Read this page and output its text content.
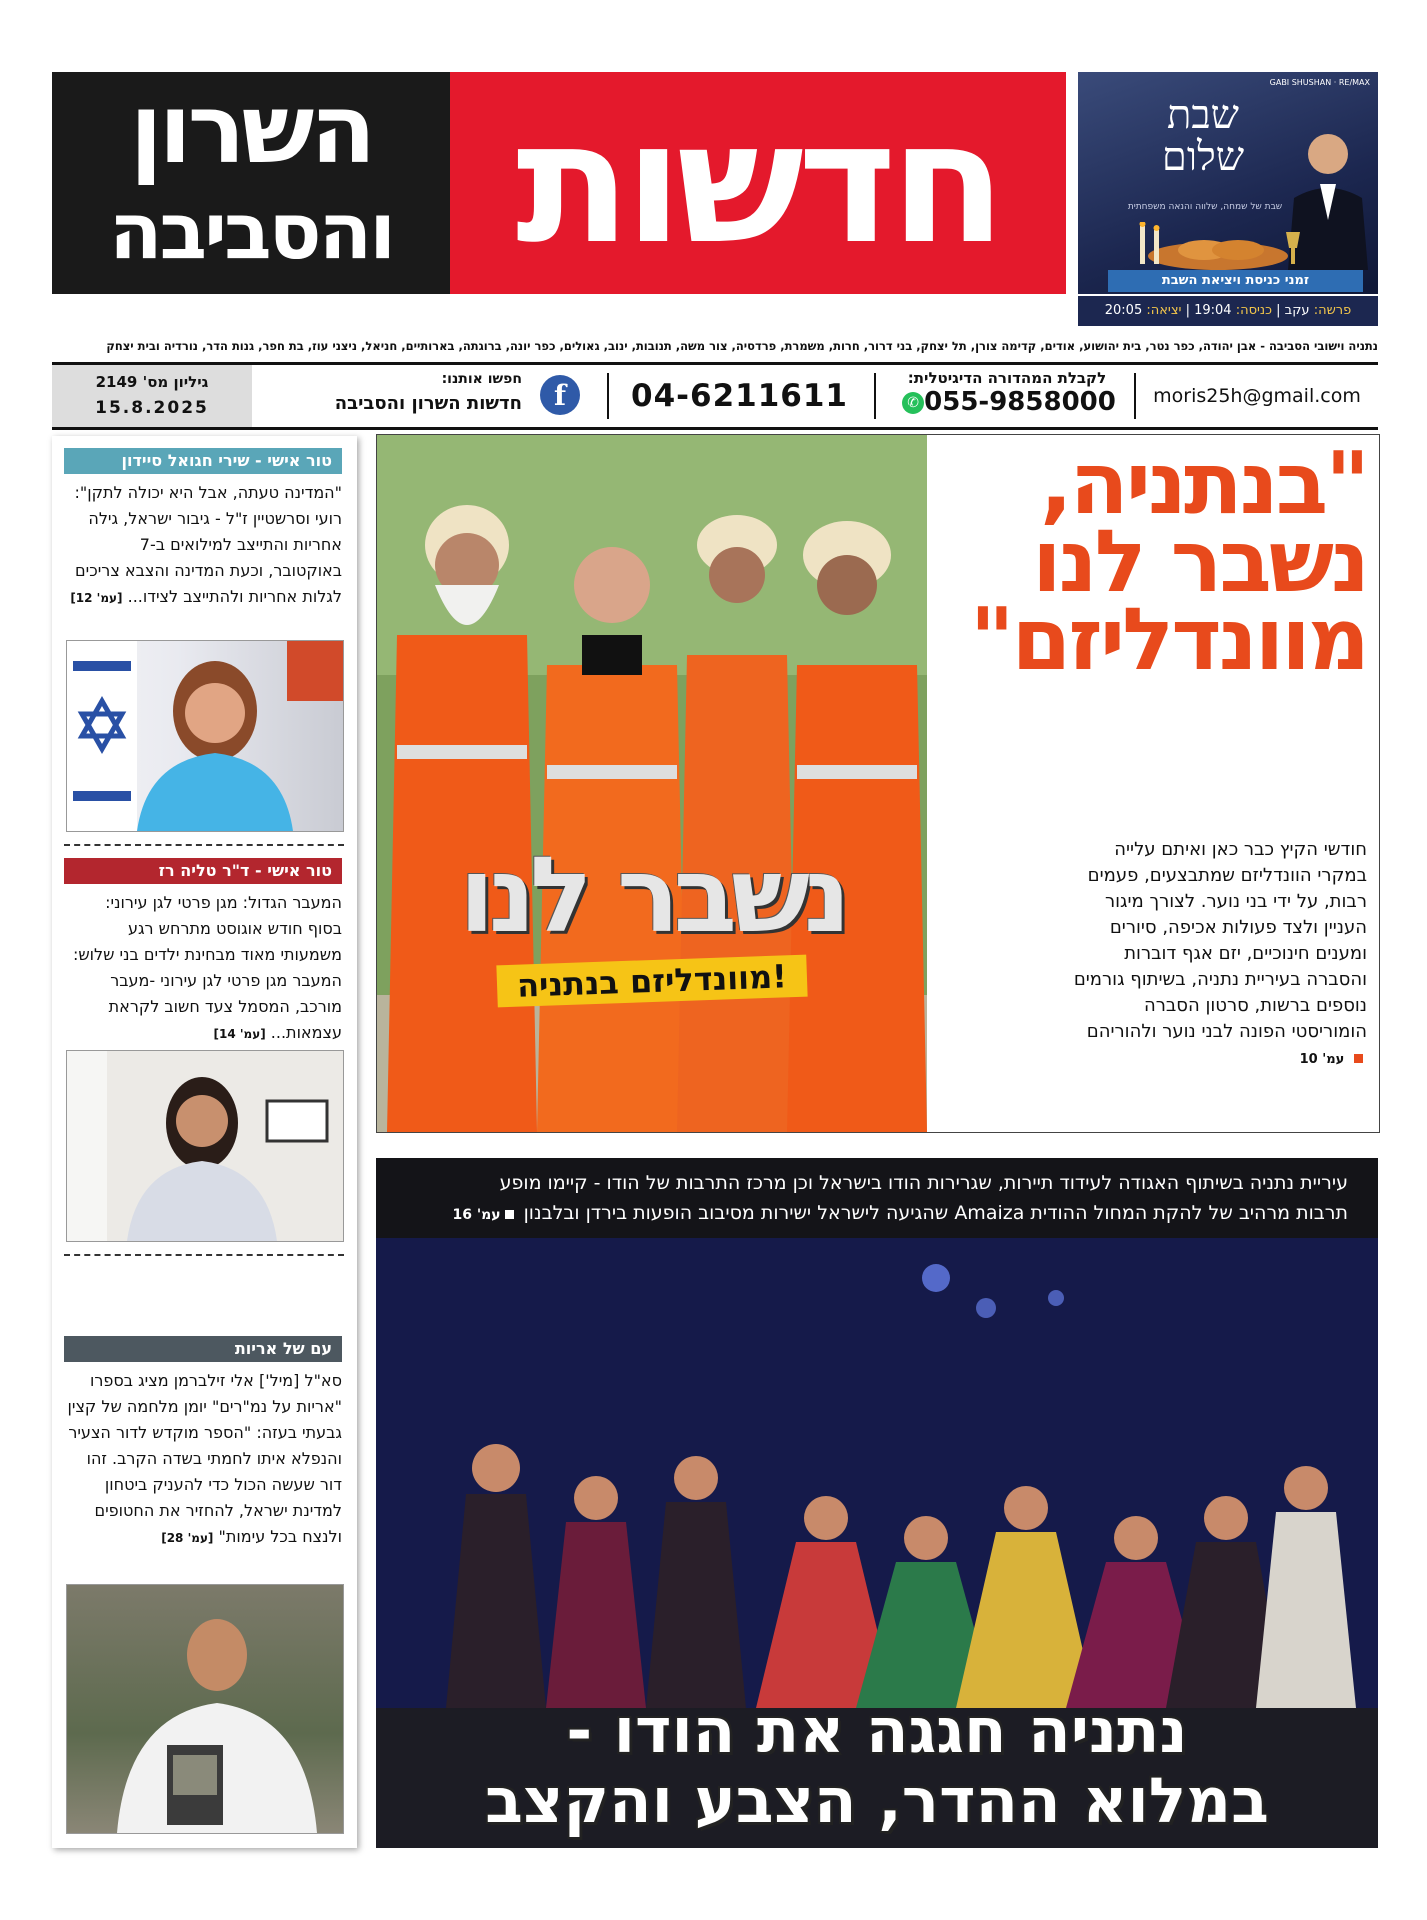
השרון
והסביבה חדשות
GABI SHUSHAN · RE/MAX
שבת שלום
שבת של שמחה, שלווה והנאה משפחתית
זמני כניסת ויציאת השבת
פרשה: עקב | כניסה: 19:04 | יציאה: 20:05
נתניה וישובי הסביבה - אבן יהודה, כפר נטר, בית יהושוע, אודים, קדימה צורן, תל יצחק, בני דרור, חרות, משמרת, פרדסיה, צור משה, תנובות, ינוב, גאולים, כפר יונה, ברוגתה, בארותיים, חניאל, ניצני עוז, בת חפר, גנות הדר, נורדיה ובית יצחק
גיליון מס' 2149
15.8.2025
חפשו אותנו:
חדשות השרון והסביבה	f	04-6211611	לקבלת המהדורה הדיגיטלית:
055-9858000✆	moris25h@gmail.com
טור אישי - שירי חגואל סיידון
"המדינה טעתה, אבל היא יכולה לתקן": רועי וסרשטיין ז"ל - גיבור ישראל, גילה אחריות והתייצב למילואים ב-7 באוקטובר, וכעת המדינה והצבא צריכים לגלות אחריות ולהתייצב לצידו... [עמ' 12]
טור אישי - ד"ר טליה רז
המעבר הגדול: מגן פרטי לגן עירוני: בסוף חודש אוגוסט מתרחש רגע משמעותי מאוד מבחינת ילדים בני שלוש: המעבר מגן פרטי לגן עירוני -מעבר מורכב, המסמל צעד חשוב לקראת עצמאות... [עמ' 14]
עם של אריות
סא"ל [מיל'] אלי זילברמן מציג בספרו "אריות על נמ"רים" יומן מלחמה של קצין גבעתי בעזה: "הספר מוקדש לדור הצעיר והנפלא איתו לחמתי בשדה הקרב. זהו דור שעשה הכול כדי להעניק ביטחון למדינת ישראל, להחזיר את החטופים ולנצח בכל עימות" [עמ' 28]
נשבר לנו
מוונדליזם בנתניה!
"בנתניה, נשבר לנו מוונדליזם"
חודשי הקיץ כבר כאן ואיתם עלייה במקרי הוונדליזם שמתבצעים, פעמים רבות, על ידי בני נוער. לצורך מיגור העניין ולצד פעולות אכיפה, סיורים ומענים חינוכיים, יזם אגף דוברות והסברה בעיריית נתניה, בשיתוף גורמים נוספים ברשות, סרטון הסברה הומוריסטי הפונה לבני נוער ולהוריהם  עמ' 10
עיריית נתניה בשיתוף האגודה לעידוד תיירות, שגרירות הודו בישראל וכן מרכז התרבות של הודו - קיימו מופע
תרבות מרהיב של להקת המחול ההודית Amaiza שהגיעה לישראל ישירות מסיבוב הופעות בירדן ובלבנון עמ' 16
נתניה חגגה את הודו -
במלוא ההדר, הצבע והקצב
